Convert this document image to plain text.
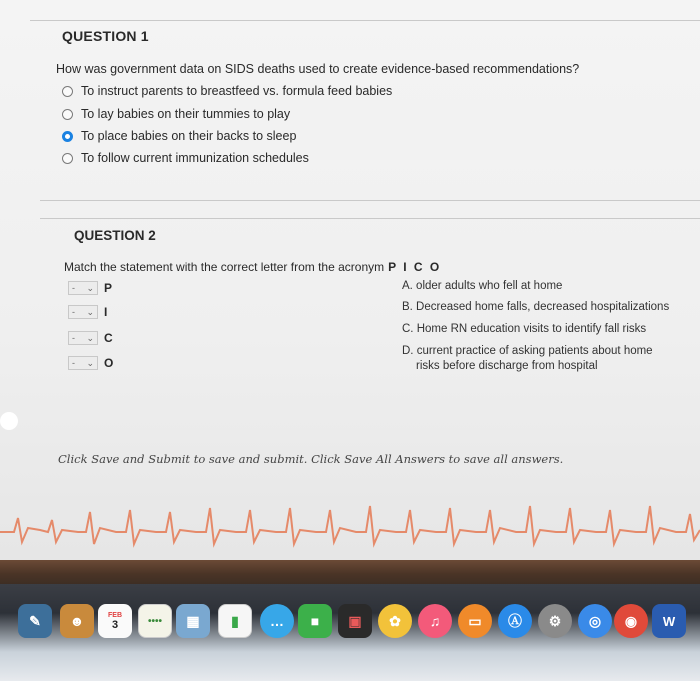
QUESTION 1
How was government data on SIDS deaths used to create evidence-based recommendations?
To instruct parents to breastfeed vs. formula feed babies
To lay babies on their tummies to play
To place babies on their backs to sleep
To follow current immunization schedules
QUESTION 2
Match the statement with the correct letter from the acronym P I C O
- ⌄ P
- ⌄ I
- ⌄ C
- ⌄ O
A. older adults who fell at home
B. Decreased home falls, decreased hospitalizations
C. Home RN education visits to identify fall risks
D. current practice of asking patients about home
risks before discharge from hospital
Click Save and Submit to save and submit. Click Save All Answers to save all answers.
✎	☻	FEB
3	••••	▦	▮	…	■	▣	✿	♫	▭	Ⓐ	⚙	◎	◉	W
